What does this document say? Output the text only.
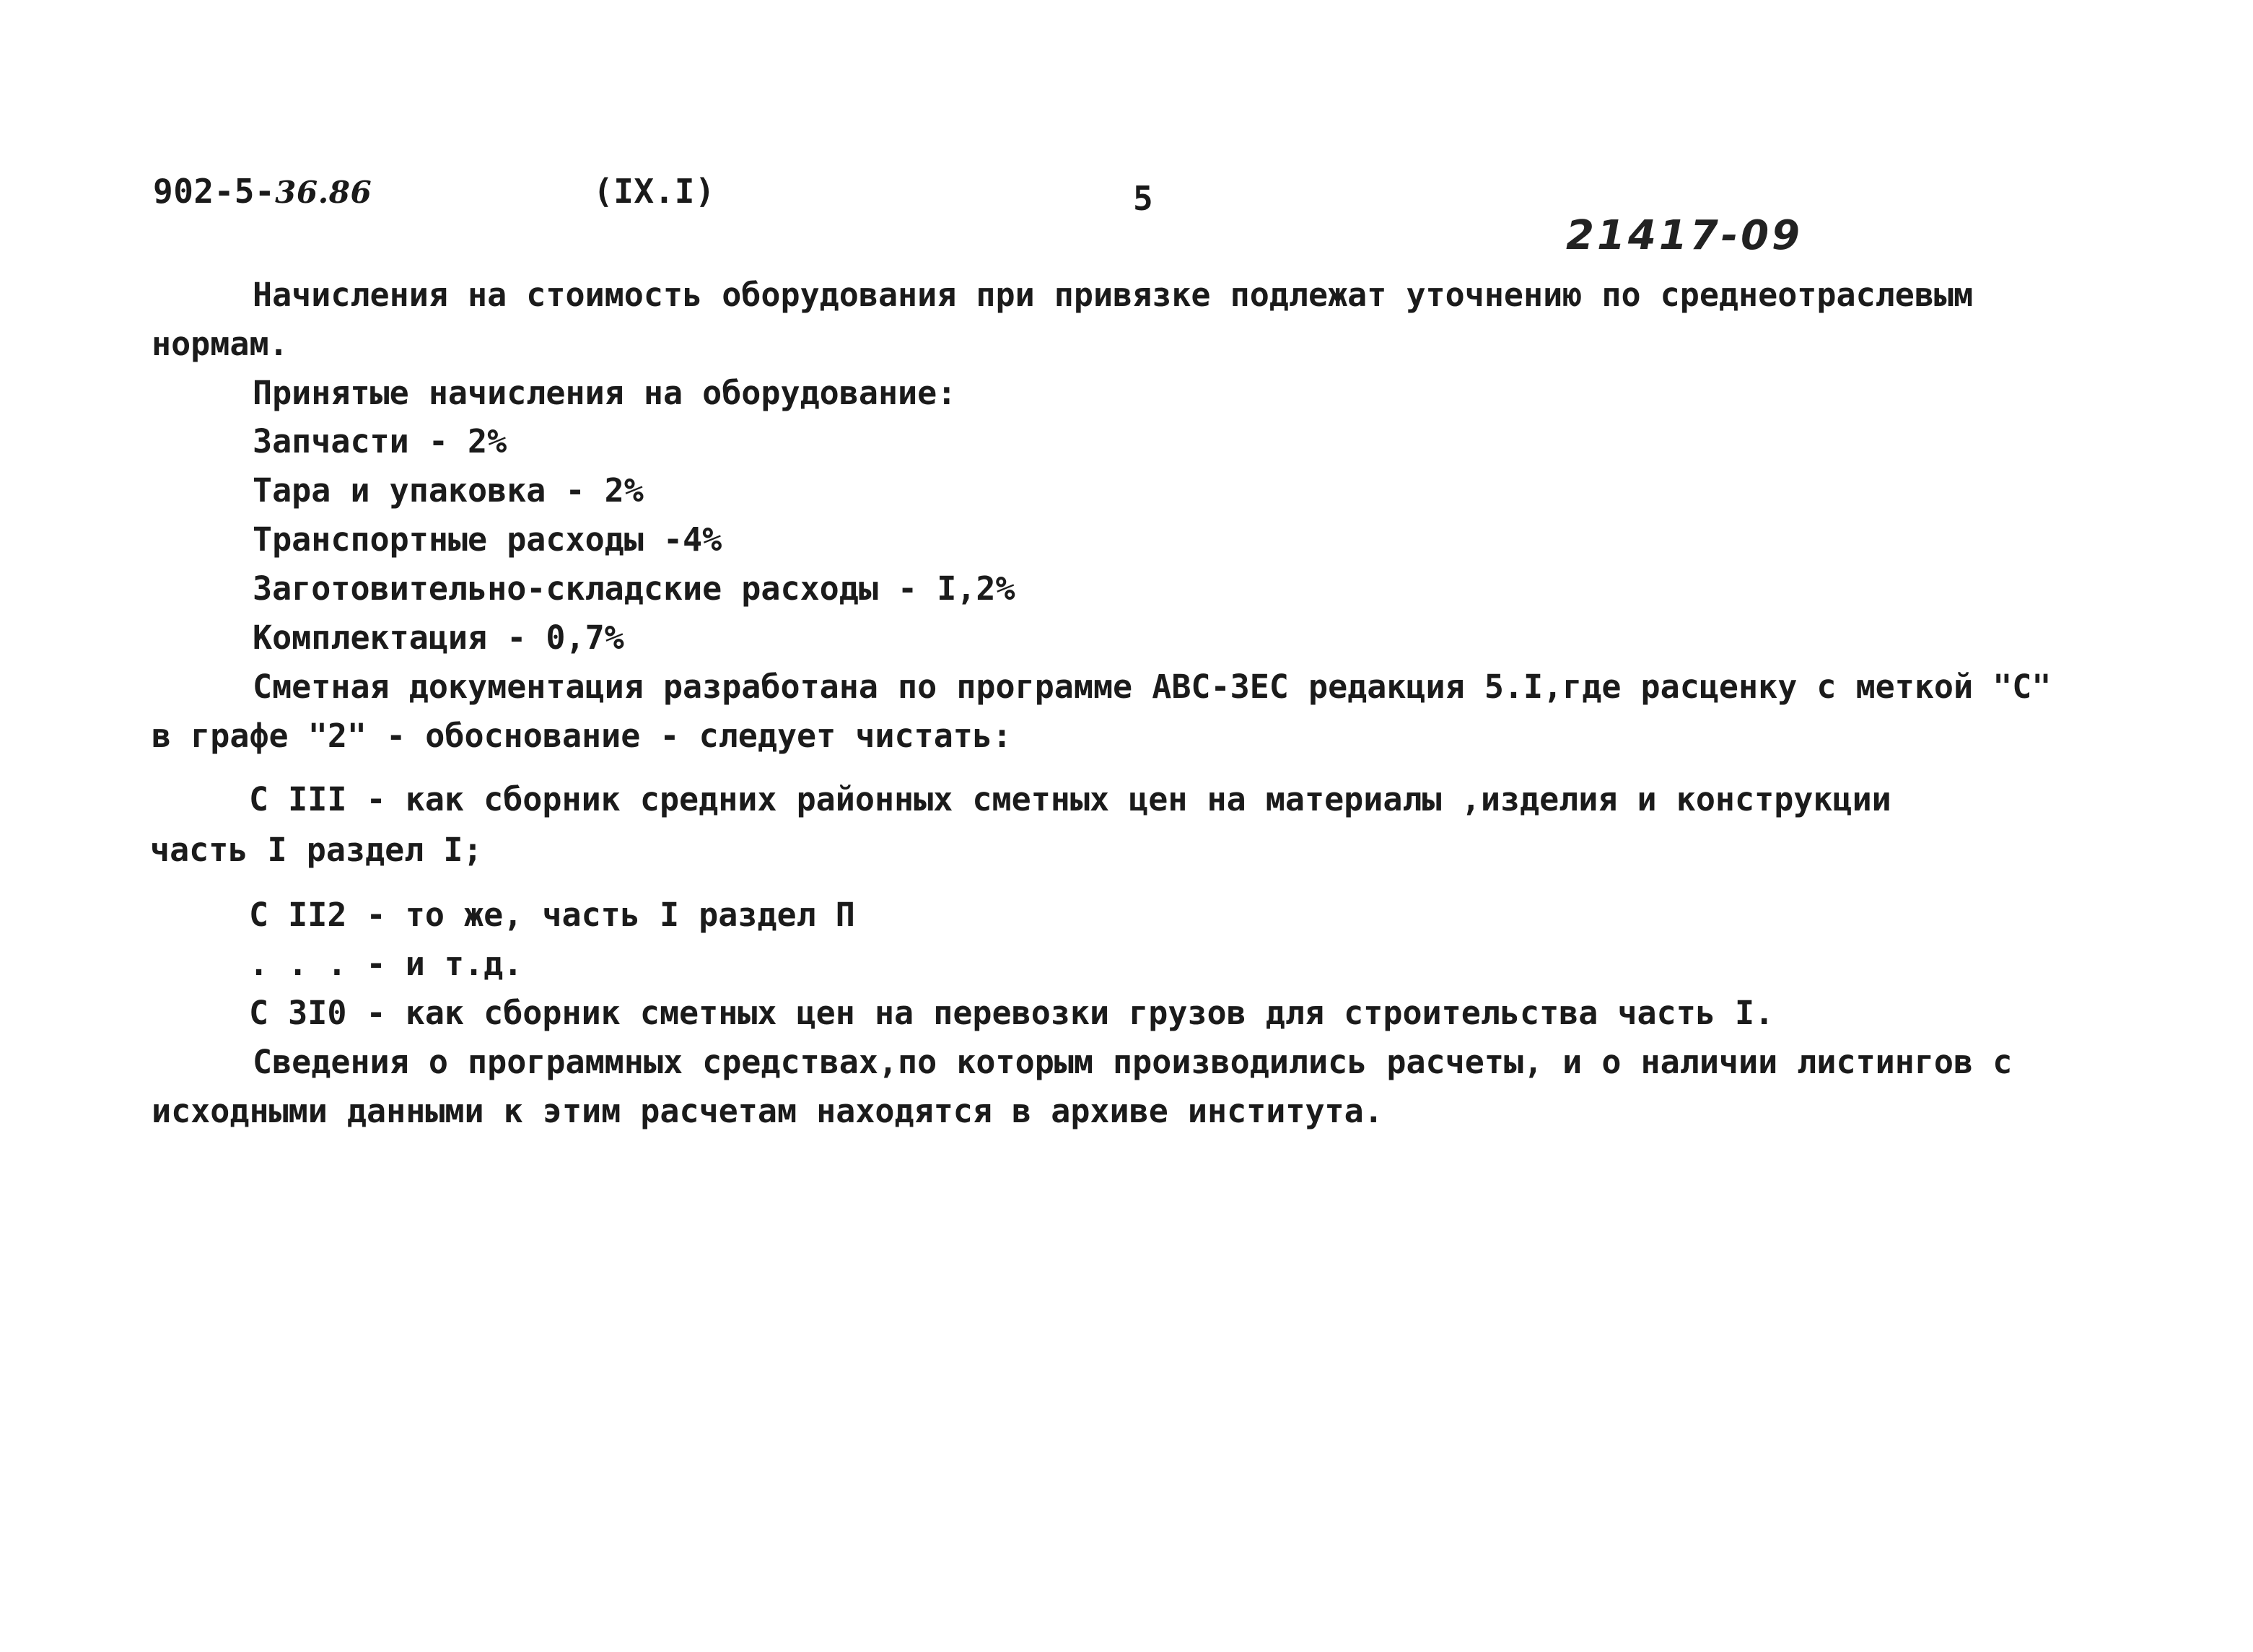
902-5-36.86	(IX.I)	5
21417-09
Начисления на стоимость оборудования при привязке подлежат уточнению по среднеотраслевым
нормам.
Принятые начисления на оборудование:
Запчасти - 2%
Тара и упаковка - 2%
Транспортные расходы -4%
Заготовительно-складские расходы - I,2%
Комплектация - 0,7%
Сметная документация разработана по программе АВС-ЗЕС редакция 5.I,где расценку с меткой "С"
в графе "2" - обоснование - следует чистать:
С III - как сборник средних районных сметных цен на материалы ,изделия и конструкции
часть I раздел I;
С II2 - то же, часть I раздел П
. . . - и т.д.
С 3I0 - как сборник сметных цен на перевозки грузов для строительства часть I.
Сведения о программных средствах,по которым производились расчеты, и о наличии листингов с
исходными данными к этим расчетам находятся в архиве института.
